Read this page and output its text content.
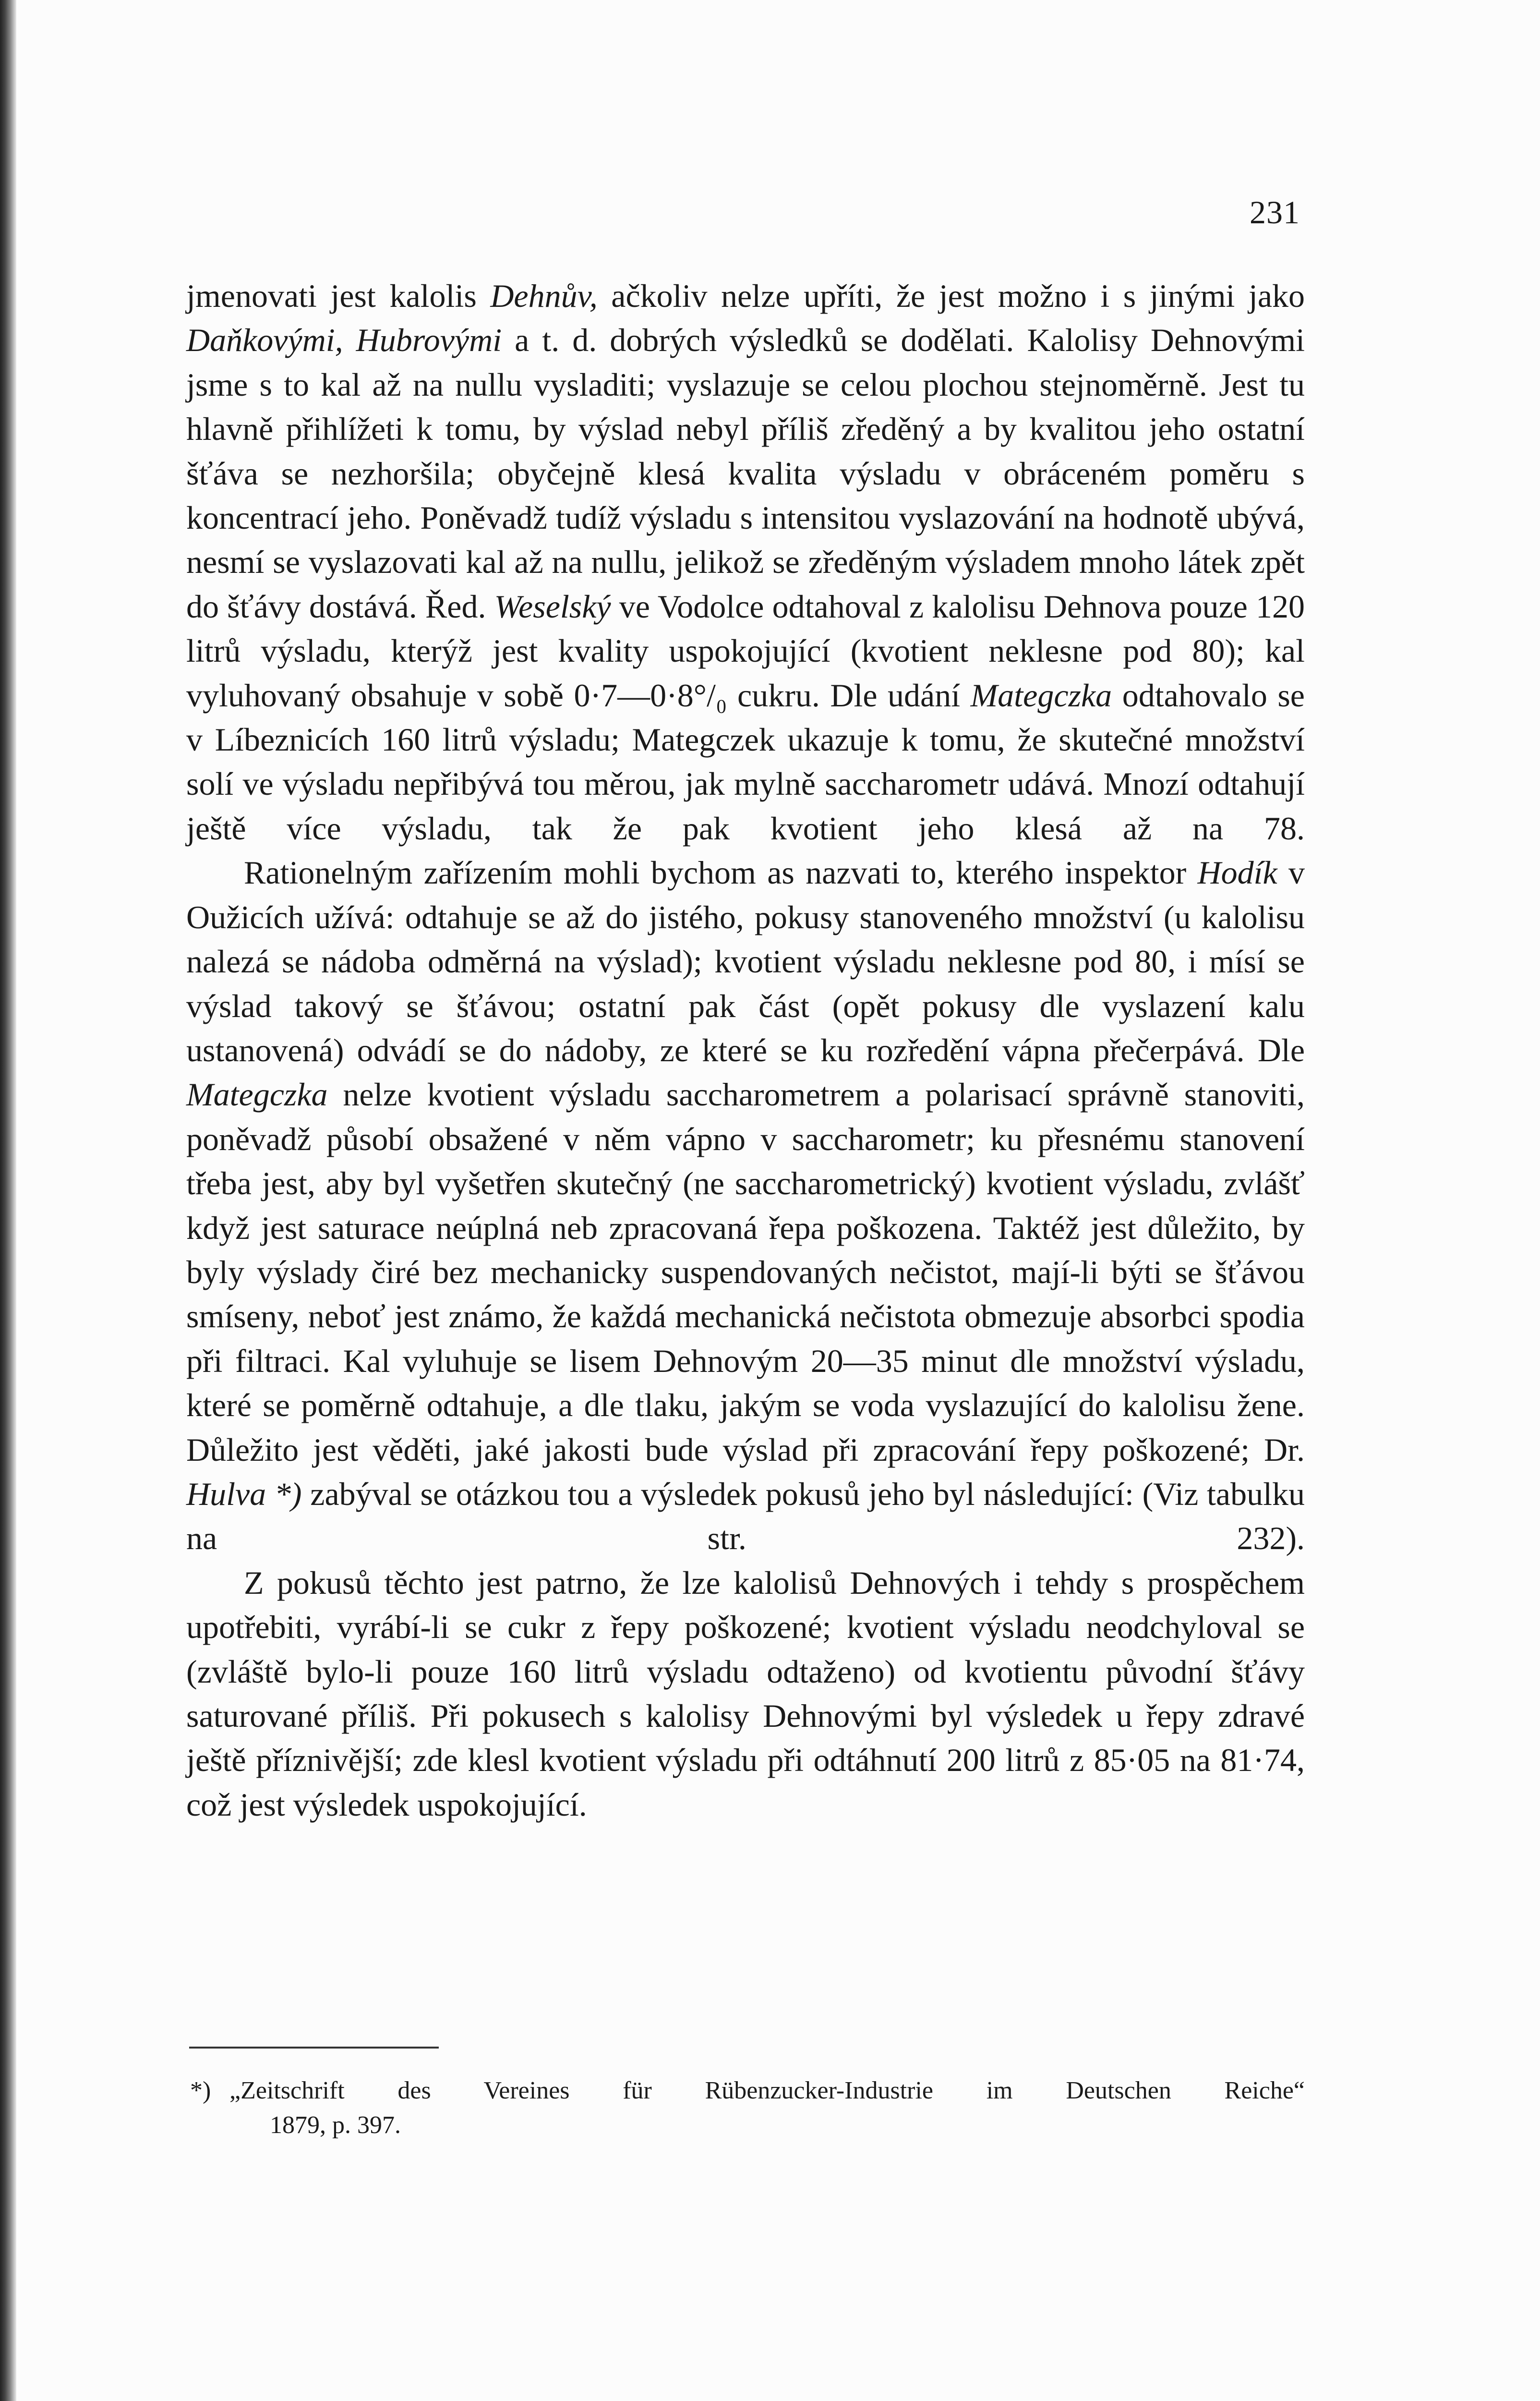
231

jmenovati jest kalolis Dehnův, ačkoliv nelze upříti, že jest možno i s jinými jako Daňkovými, Hubrovými a t. d. dobrých výsledků se dodělati. Kalolisy Dehnovými jsme s to kal až na nullu vysladiti; vyslazuje se celou plochou stejnoměrně. Jest tu hlavně přihlížeti k tomu, by výslad nebyl příliš zředěný a by kvalitou jeho ostatní šťáva se nezhoršila; obyčejně klesá kvalita výsladu v obráceném poměru s koncentrací jeho. Poněvadž tudíž výsladu s intensitou vyslazování na hodnotě ubývá, nesmí se vyslazovati kal až na nullu, jelikož se zředěným výsladem mnoho látek zpět do šťávy dostává. Řed. Weselský ve Vodolce odtahoval z kalolisu Dehnova pouze 120 litrů výsladu, kterýž jest kvality uspokojující (kvotient neklesne pod 80); kal vyluhovaný obsahuje v sobě 0·7—0·8°/₀ cukru. Dle udání Mategczka odtahovalo se v Líbeznicích 160 litrů výsladu; Mategczek ukazuje k tomu, že skutečné množství solí ve výsladu nepřibývá tou měrou, jak mylně saccharometr udává. Mnozí odtahují ještě více výsladu, tak že pak kvotient jeho klesá až na 78.

Rationelným zařízením mohli bychom as nazvati to, kterého inspektor Hodík v Oužicích užívá: odtahuje se až do jistého, pokusy stanoveného množství (u kalolisu nalezá se nádoba odměrná na výslad); kvotient výsladu neklesne pod 80, i mísí se výslad takový se šťávou; ostatní pak část (opět pokusy dle vyslazení kalu ustanovená) odvádí se do nádoby, ze které se ku rozředění vápna přečerpává. Dle Mategczka nelze kvotient výsladu saccharometrem a polarisací správně stanoviti, poněvadž působí obsažené v něm vápno v saccharometr; ku přesnému stanovení třeba jest, aby byl vyšetřen skutečný (ne saccharometrický) kvotient výsladu, zvlášť když jest saturace neúplná neb zpracovaná řepa poškozena. Taktéž jest důležito, by byly výslady čiré bez mechanicky suspendovaných nečistot, mají-li býti se šťávou smíseny, neboť jest známo, že každá mechanická nečistota obmezuje absorbci spodia při filtraci. Kal vyluhuje se lisem Dehnovým 20—35 minut dle množství výsladu, které se poměrně odtahuje, a dle tlaku, jakým se voda vyslazující do kalolisu žene. Důležito jest věděti, jaké jakosti bude výslad při zpracování řepy poškozené; Dr. Hulva *) zabýval se otázkou tou a výsledek pokusů jeho byl následující: (Viz tabulku na str. 232).

Z pokusů těchto jest patrno, že lze kalolisů Dehnových i tehdy s prospěchem upotřebiti, vyrábí-li se cukr z řepy poškozené; kvotient výsladu neodchyloval se (zvláště bylo-li pouze 160 litrů výsladu odtaženo) od kvotientu původní šťávy saturované příliš. Při pokusech s kalolisy Dehnovými byl výsledek u řepy zdravé ještě příznivější; zde klesl kvotient výsladu při odtáhnutí 200 litrů z 85·05 na 81·74, což jest výsledek uspokojující.

*) „Zeitschrift des Vereines für Rübenzucker-Industrie im Deutschen Reiche“
1879, p. 397.
